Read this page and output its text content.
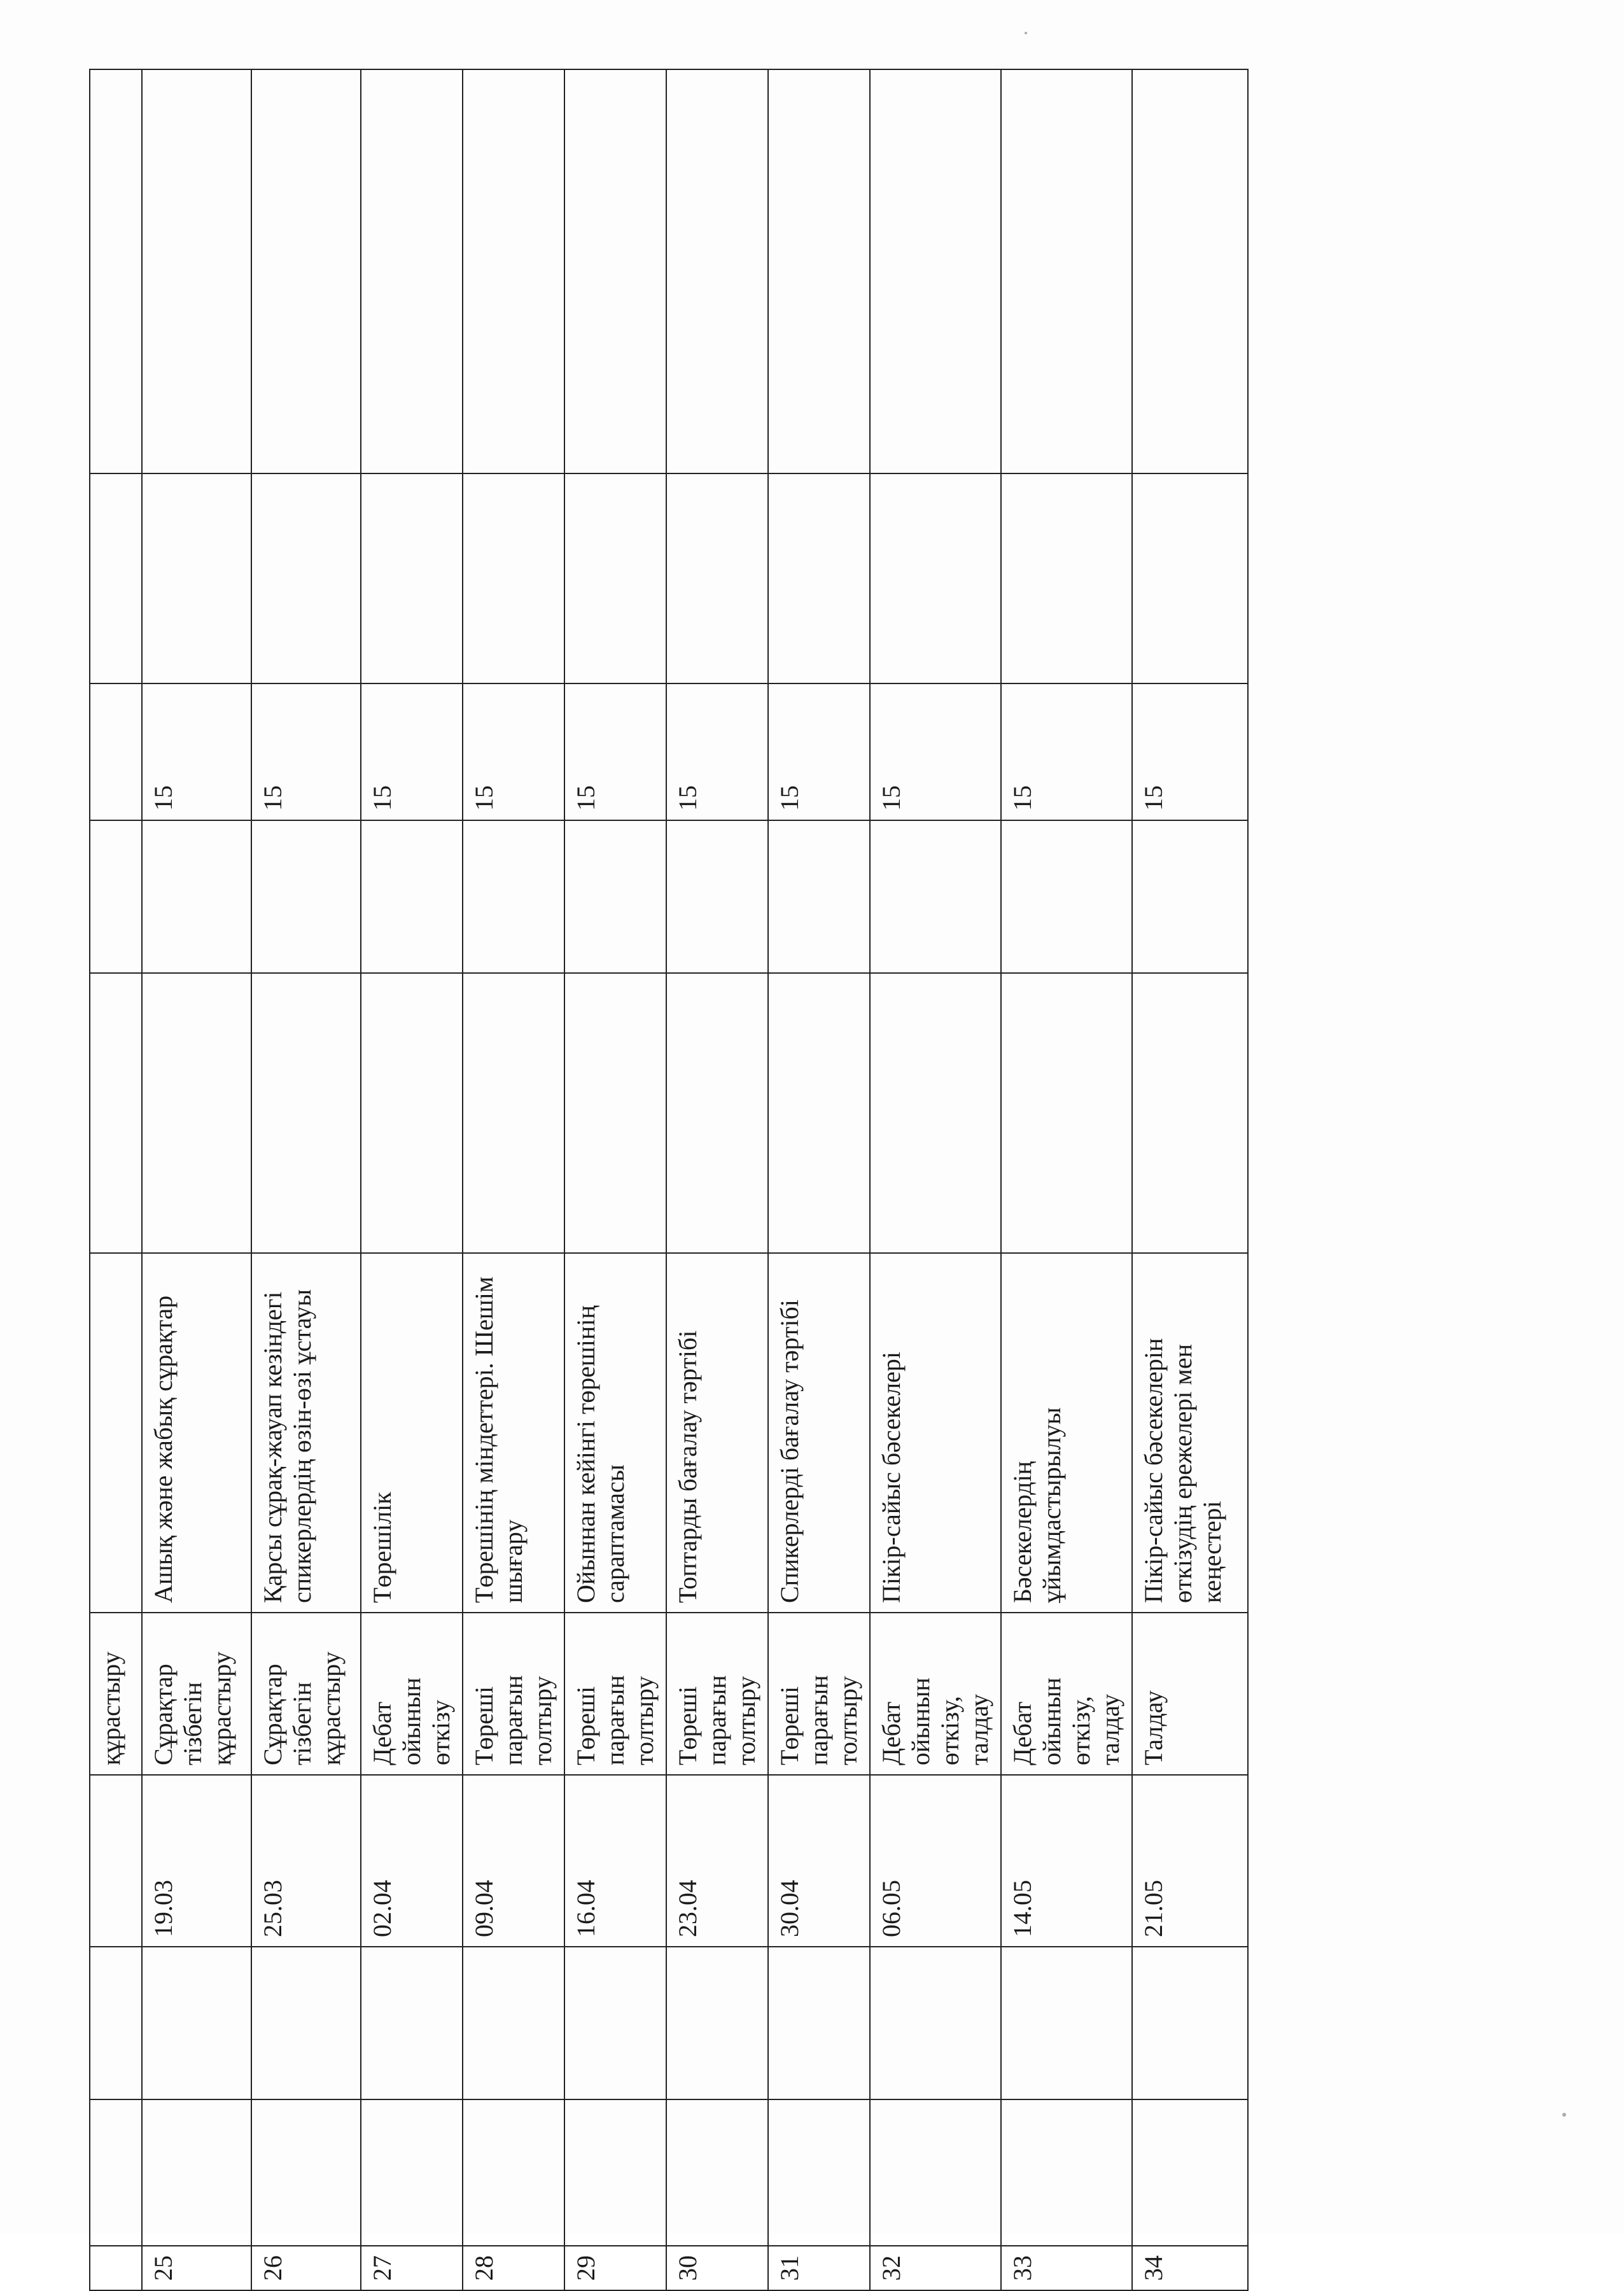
				құрастыру						
25			19.03	Сұрақтар тізбегін құрастыру	Ашық және жабық сұрақтар			15		
26			25.03	Сұрақтар тізбегін құрастыру	Қарсы сұрақ-жауап кезіндегі спикерлердің өзін-өзі ұстауы			15		
27			02.04	Дебат ойынын өткізу	Төрешілік			15		
28			09.04	Төреші парағын толтыру	Төрешінің міндеттері. Шешім шығару			15		
29			16.04	Төреші парағын толтыру	Ойыннан кейінгі төрешінің сараптамасы			15		
30			23.04	Төреші парағын толтыру	Топтарды бағалау тәртібі			15		
31			30.04	Төреші парағын толтыру	Спикерлерді бағалау тәртібі			15		
32			06.05	Дебат ойынын өткізу, талдау	Пікір-сайыс бәсекелері			15		
33			14.05	Дебат ойынын өткізу, талдау	Бәсекелердің ұйымдастырылуы			15		
34			21.05	Талдау	Пікір-сайыс бәсекелерін өткізудің ережелері мен кеңестері			15		
